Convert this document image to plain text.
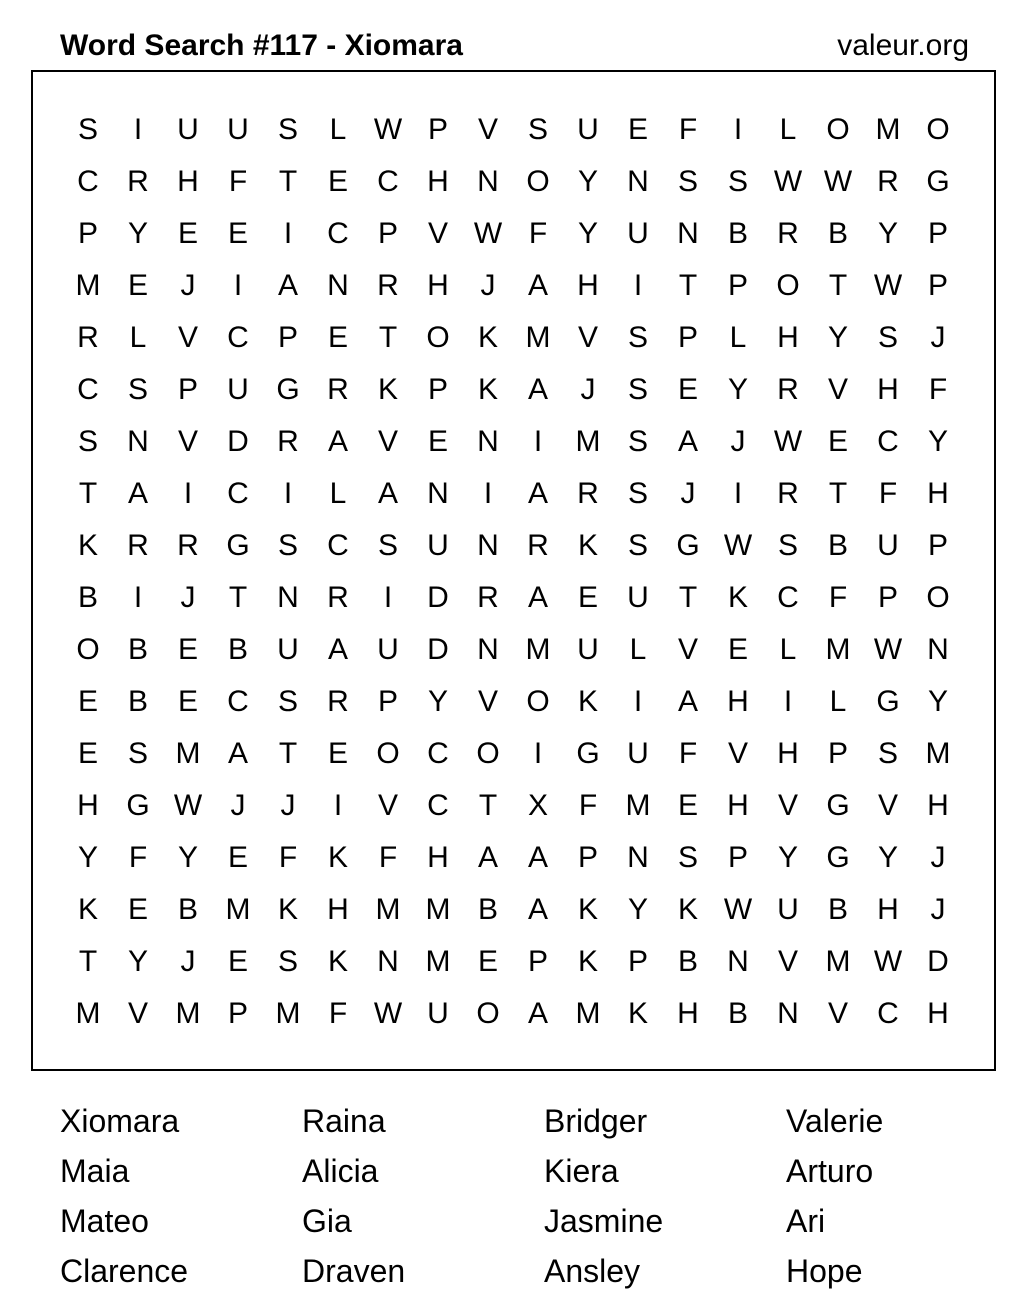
Word Search #117 - Xiomara	valeur.org
S	I	U U S	L W P V S U E	F	I	L O M O
C R H	F	T	E C H N O Y N S S W W R G
P Y E E	I	C P V W F	Y U N B R B Y P
M E	J	I	A N R H	J	A H	I	T	P O T W P
R	L	V C P E	T O K M V S P	L	H Y S	J
C S P U G R K P K A	J	S E Y R V H	F
S N V D R A V E N	I	M S A	J W E C Y
T	A	I	C	I	L	A N	I	A R S	J	I	R	T	F	H
K R R G S C S U N R K S G W S B U P
B	I	J	T	N R	I	D R A E U	T	K C	F	P O
O B E B U A U D N M U	L	V E	L M W N
E B E C S R P Y V O K	I	A H	I	L G Y
E S M A	T	E O C O	I	G U	F	V H P S M
H G W J	J	I	V C	T	X	F M E H V G V H
Y	F	Y E	F	K	F	H A A P N S P Y G Y	J
K E B M K H M M B A K Y K W U B H	J
T	Y	J	E S K N M E P K P B N V M W D
M V M P M F W U O A M K H B N V C H
Xiomara	Raina	Bridger	Valerie
Maia	Alicia	Kiera	Arturo
Mateo	Gia	Jasmine	Ari
Clarence	Draven	Ansley	Hope
